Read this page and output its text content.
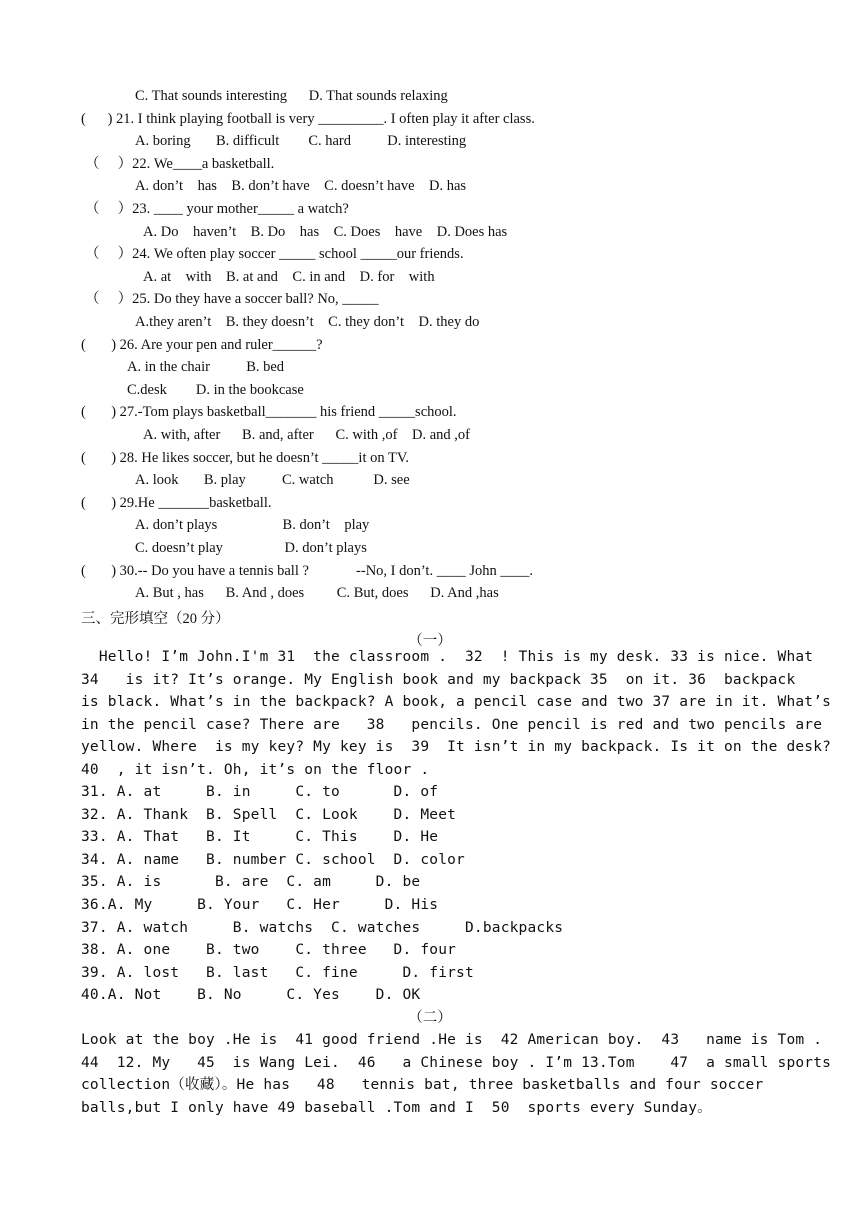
C. That sounds interesting      D. That sounds relaxing
(      ) 21. I think playing football is very _________. I often play it after class.
A. boring       B. difficult        C. hard          D. interesting
（     ）22. We____a basketball.
A. don’t    has    B. don’t have    C. doesn’t have    D. has
（     ）23. ____ your mother_____ a watch?
A. Do    haven’t    B. Do    has    C. Does    have    D. Does has
（     ）24. We often play soccer _____ school _____our friends.
A. at    with    B. at and    C. in and    D. for    with
（     ）25. Do they have a soccer ball? No, _____
A.they aren’t    B. they doesn’t    C. they don’t    D. they do
(       ) 26. Are your pen and ruler______?
A. in the chair          B. bed
C.desk        D. in the bookcase
(       ) 27.-Tom plays basketball_______ his friend _____school.
A. with, after      B. and, after      C. with ,of    D. and ,of
(       ) 28. He likes soccer, but he doesn’t _____it on TV.
A. look       B. play          C. watch           D. see
(       ) 29.He _______basketball.
A. don’t plays                  B. don’t    play
C. doesn’t play                 D. don’t plays
(       ) 30.-- Do you have a tennis ball ?             --No, I don’t. ____ John ____.
A. But , has      B. And , does         C. But, does      D. And ,has
三、完形填空（20 分）
（一）
Hello! I’m John.I'm 31  the classroom .  32  ! This is my desk. 33 is nice. What
34   is it? It’s orange. My English book and my backpack 35  on it. 36  backpack
is black. What’s in the backpack? A book, a pencil case and two 37 are in it. What’s
in the pencil case? There are   38   pencils. One pencil is red and two pencils are
yellow. Where  is my key? My key is  39  It isn’t in my backpack. Is it on the desk?
40  , it isn’t. Oh, it’s on the floor .
31. A. at     B. in     C. to      D. of
32. A. Thank  B. Spell  C. Look    D. Meet
33. A. That   B. It     C. This    D. He
34. A. name   B. number C. school  D. color
35. A. is      B. are  C. am     D. be
36.A. My     B. Your   C. Her     D. His
37. A. watch     B. watchs  C. watches     D.backpacks
38. A. one    B. two    C. three   D. four
39. A. lost   B. last   C. fine     D. first
40.A. Not    B. No     C. Yes    D. OK
（二）
Look at the boy .He is  41 good friend .He is  42 American boy.  43   name is Tom .
44  12. My   45  is Wang Lei.  46   a Chinese boy . I’m 13.Tom    47  a small sports
collection（收藏）。He has   48   tennis bat, three basketballs and four soccer
balls,but I only have 49 baseball .Tom and I  50  sports every Sunday。
